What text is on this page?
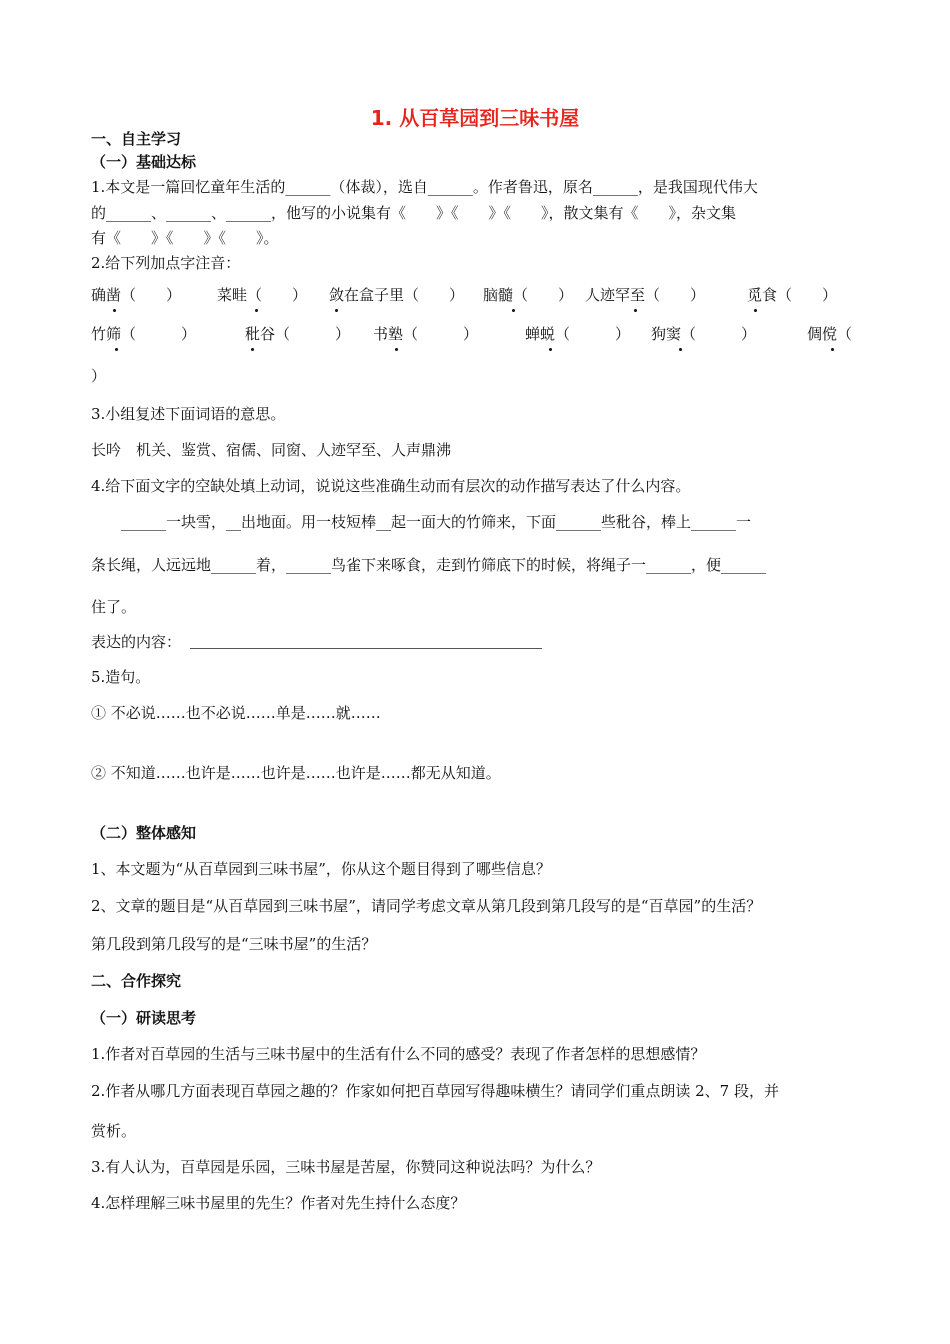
1. 从百草园到三味书屋
一、自主学习
（一）基础达标
1.本文是一篇回忆童年生活的______（体裁），选自______。作者鲁迅，原名______，是我国现代伟大
的______、______、______，他写的小说集有《　　》《　　》《　　》，散文集有《　　》，杂文集
有《　　》《　　》《　　》。
2.给下列加点字注音：
确凿（　　） 菜畦（　　） 敛在盒子里（　　） 脑髓（　　） 人迹罕至（　　）	觅食（　　）
竹筛（　　　）	秕谷（　　　） 书塾（　　　）	蝉蜕（　　　） 狗窦（　　　）	倜傥（
）
3.小组复述下面词语的意思。
长吟　机关、鉴赏、宿儒、同窗、人迹罕至、人声鼎沸
4.给下面文字的空缺处填上动词，说说这些准确生动而有层次的动作描写表达了什么内容。
______一块雪，__出地面。用一枝短棒__起一面大的竹筛来，下面______些秕谷，棒上______一
条长绳，人远远地______着，______鸟雀下来啄食，走到竹筛底下的时候，将绳子一______，便______
住了。
表达的内容：
5.造句。
① 不必说……也不必说……单是……就……
② 不知道……也许是……也许是……也许是……都无从知道。
（二）整体感知
1、本文题为“从百草园到三味书屋”，你从这个题目得到了哪些信息？
2、文章的题目是“从百草园到三味书屋”，请同学考虑文章从第几段到第几段写的是“百草园”的生活？
第几段到第几段写的是“三味书屋”的生活？
二、合作探究
（一）研读思考
1.作者对百草园的生活与三味书屋中的生活有什么不同的感受？表现了作者怎样的思想感情？
2.作者从哪几方面表现百草园之趣的？作家如何把百草园写得趣味横生？请同学们重点朗读 2、7 段，并
赏析。
3.有人认为，百草园是乐园，三味书屋是苦屋，你赞同这种说法吗？为什么？
4.怎样理解三味书屋里的先生？作者对先生持什么态度？
